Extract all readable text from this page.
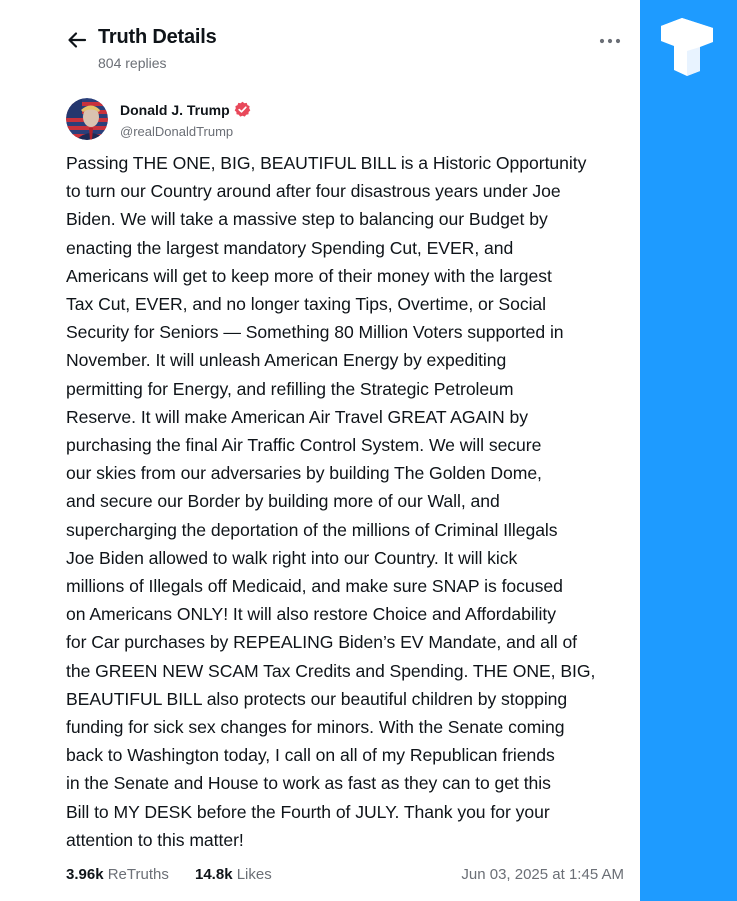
Truth Details
804 replies
Donald J. Trump
@realDonaldTrump
Passing THE ONE, BIG, BEAUTIFUL BILL is a Historic Opportunity
to turn our Country around after four disastrous years under Joe
Biden. We will take a massive step to balancing our Budget by
enacting the largest mandatory Spending Cut, EVER, and
Americans will get to keep more of their money with the largest
Tax Cut, EVER, and no longer taxing Tips, Overtime, or Social
Security for Seniors — Something 80 Million Voters supported in
November. It will unleash American Energy by expediting
permitting for Energy, and refilling the Strategic Petroleum
Reserve. It will make American Air Travel GREAT AGAIN by
purchasing the final Air Traffic Control System. We will secure
our skies from our adversaries by building The Golden Dome,
and secure our Border by building more of our Wall, and
supercharging the deportation of the millions of Criminal Illegals
Joe Biden allowed to walk right into our Country. It will kick
millions of Illegals off Medicaid, and make sure SNAP is focused
on Americans ONLY! It will also restore Choice and Affordability
for Car purchases by REPEALING Biden’s EV Mandate, and all of
the GREEN NEW SCAM Tax Credits and Spending. THE ONE, BIG,
BEAUTIFUL BILL also protects our beautiful children by stopping
funding for sick sex changes for minors. With the Senate coming
back to Washington today, I call on all of my Republican friends
in the Senate and House to work as fast as they can to get this
Bill to MY DESK before the Fourth of JULY. Thank you for your
attention to this matter!
3.96k ReTruths 14.8k Likes	Jun 03, 2025 at 1:45 AM
